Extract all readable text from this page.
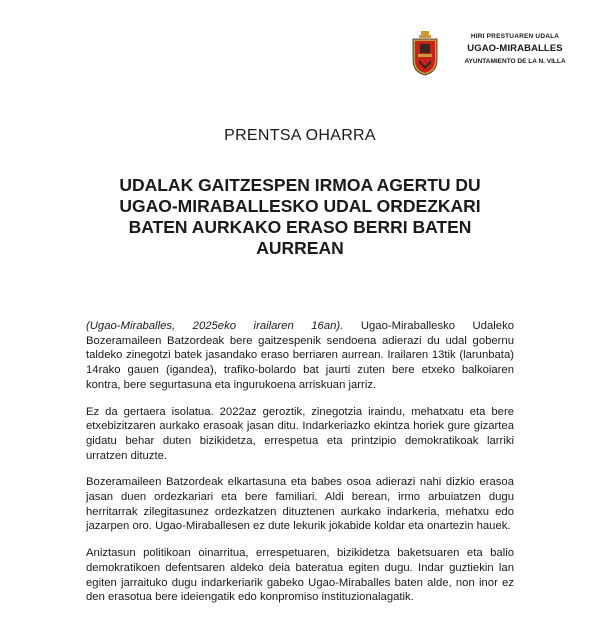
HIRI PRESTUAREN UDALA
UGAO-MIRABALLES
AYUNTAMIENTO DE LA N. VILLA
PRENTSA OHARRA
UDALAK GAITZESPEN IRMOA AGERTU DU UGAO-MIRABALLESKO UDAL ORDEZKARI BATEN AURKAKO ERASO BERRI BATEN AURREAN

(Ugao-Miraballes, 2025eko irailaren 16an). Ugao-Miraballesko Udaleko Bozeramaileen Batzordeak bere gaitzespenik sendoena adierazi du udal gobernu taldeko zinegotzi batek jasandako eraso berriaren aurrean. Irailaren 13tik (larunbata) 14rako gauen (igandea), trafiko-bolardo bat jaurti zuten bere etxeko balkoiaren kontra, bere segurtasuna eta ingurukoena arriskuan jarriz.

Ez da gertaera isolatua. 2022az geroztik, zinegotzia iraindu, mehatxatu eta bere etxebizitzaren aurkako erasoak jasan ditu. Indarkeriazko ekintza horiek gure gizartea gidatu behar duten bizikidetza, errespetua eta printzipio demokratikoak larriki urratzen dituzte.

Bozeramaileen Batzordeak elkartasuna eta babes osoa adierazi nahi dizkio erasoa jasan duen ordezkariari eta bere familiari. Aldi berean, irmo arbuiatzen dugu herritarrak zilegitasunez ordezkatzen dituztenen aurkako indarkeria, mehatxu edo jazarpen oro. Ugao-Miraballesen ez dute lekurik jokabide koldar eta onartezin hauek.

Aniztasun politikoan oinarritua, errespetuaren, bizikidetza baketsuaren eta balio demokratikoen defentsaren aldeko deia bateratua egiten dugu. Indar guztiekin lan egiten jarraituko dugu indarkeriarik gabeko Ugao-Miraballes baten alde, non inor ez den erasotua bere ideiengatik edo konpromiso instituzionalagatik.
